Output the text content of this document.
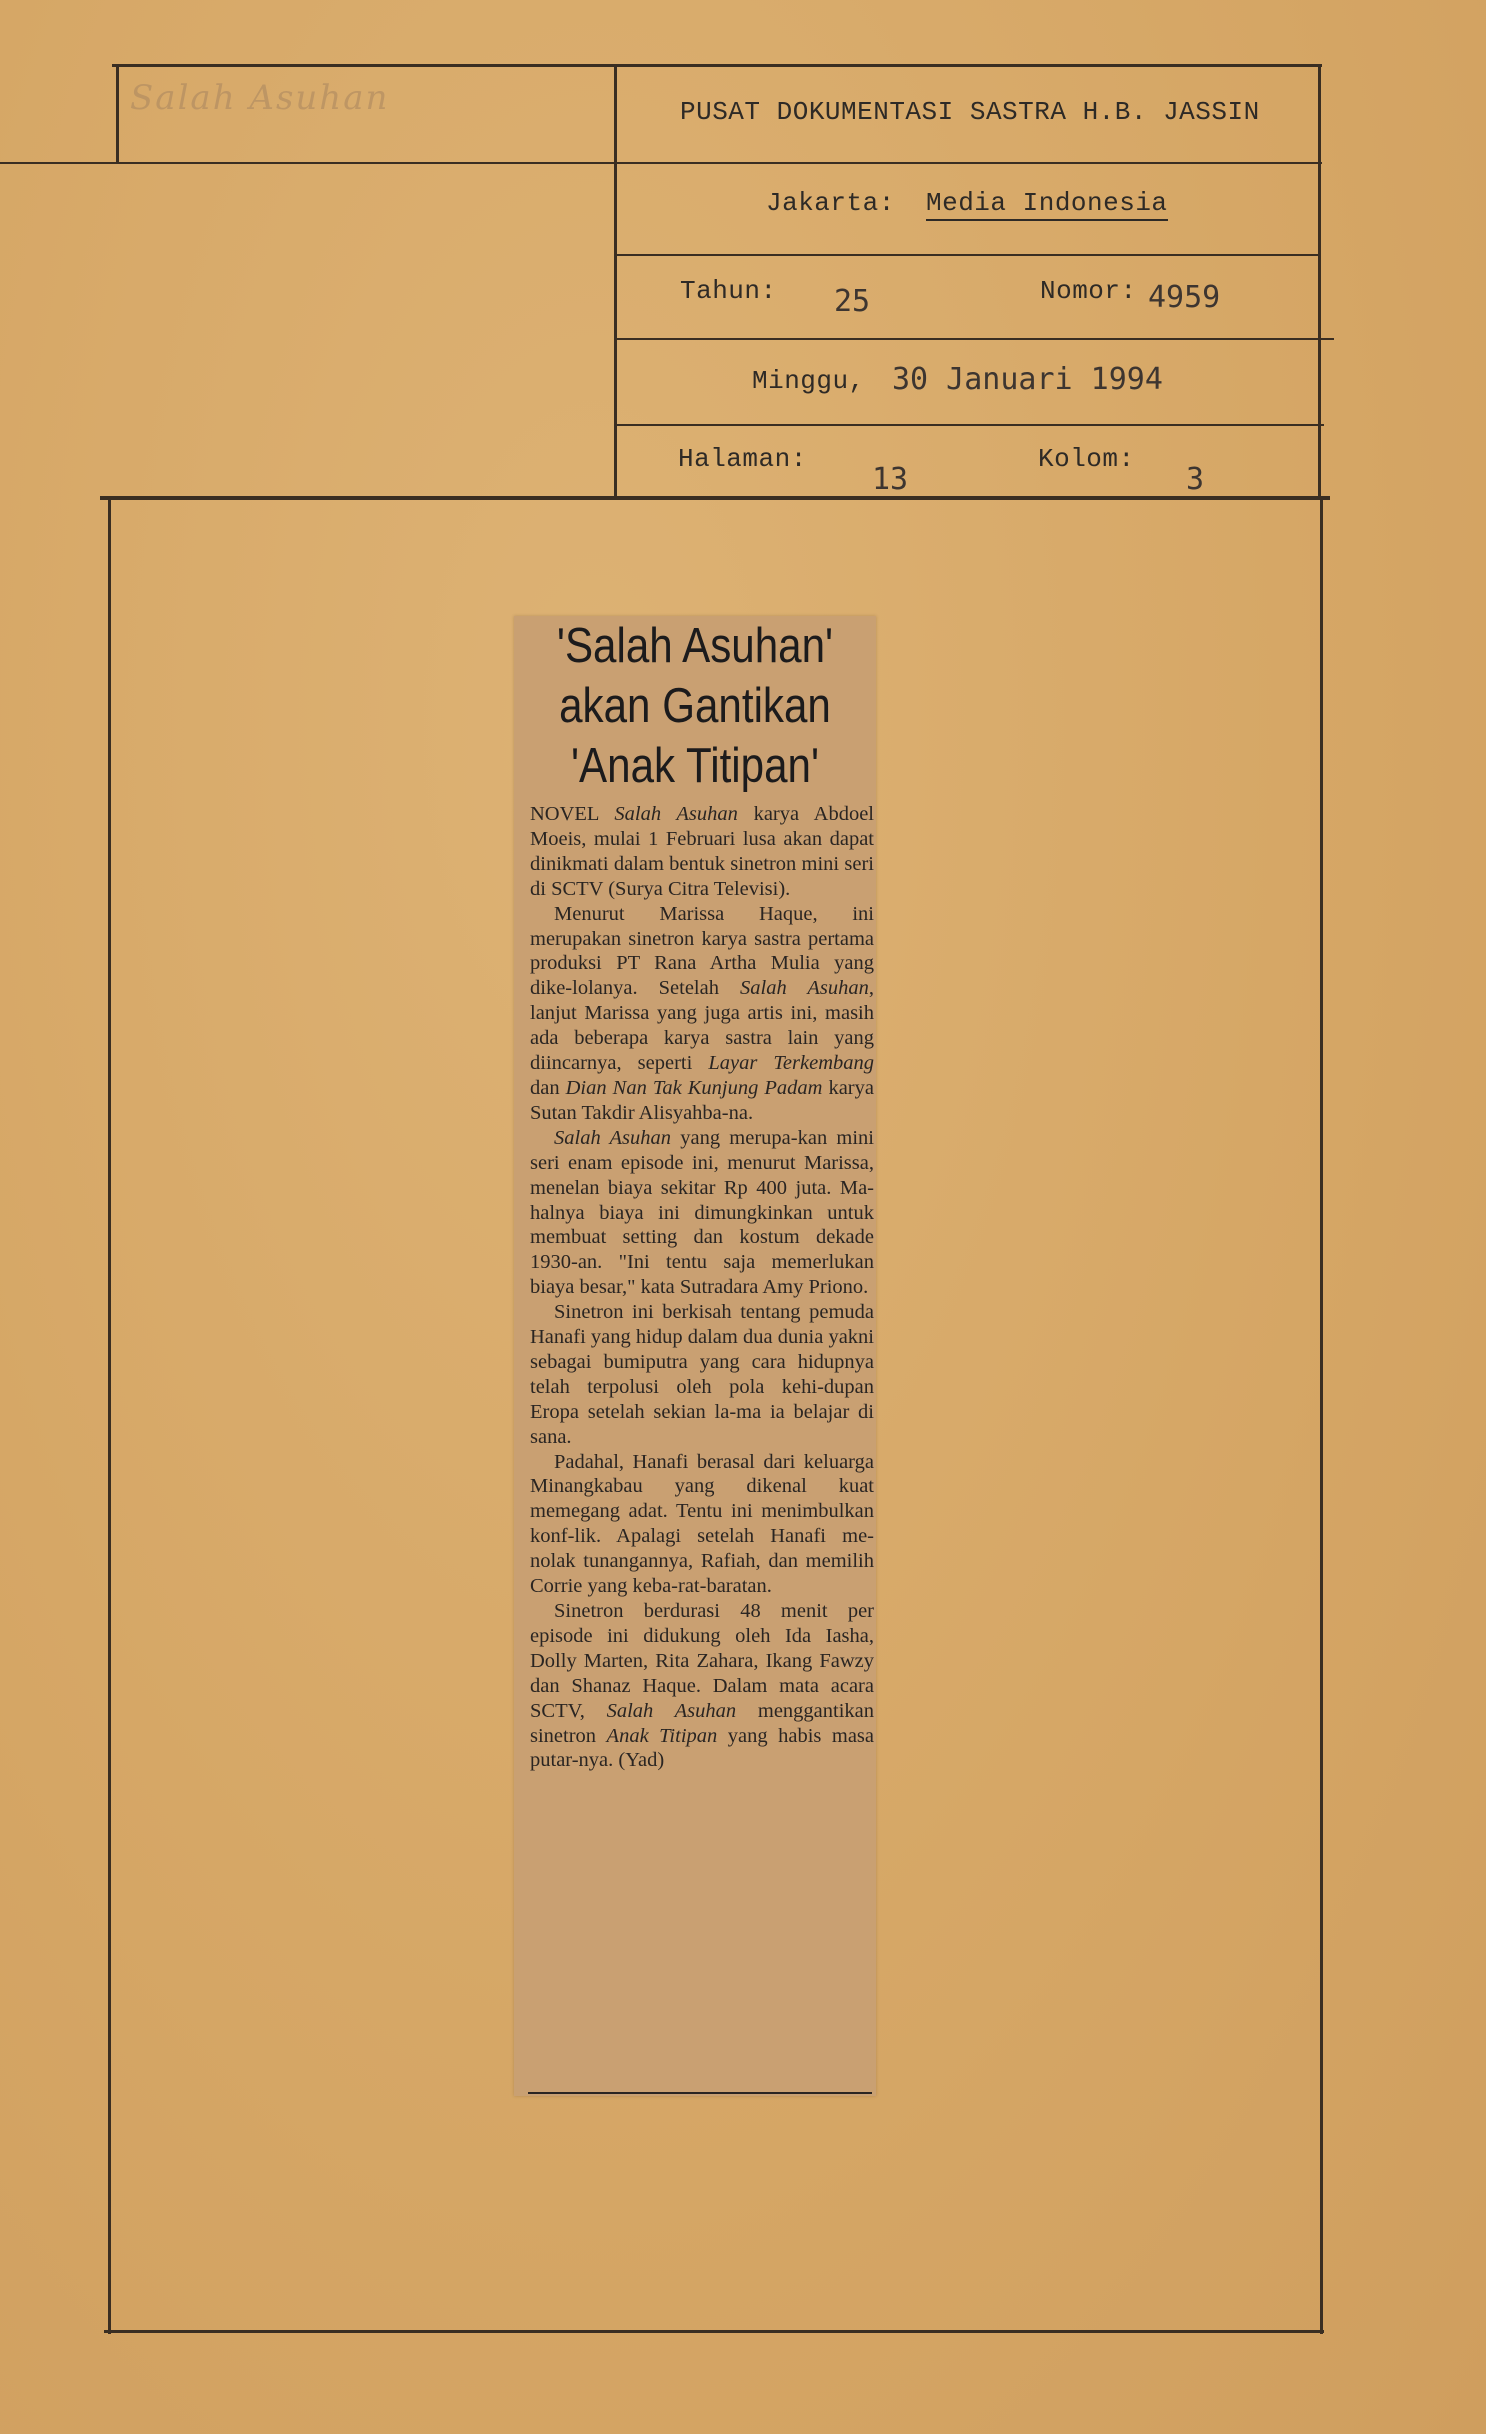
Salah Asuhan	PUSAT DOKUMENTASI SASTRA H.B. JASSIN
Jakarta: Media Indonesia
Tahun: 25	Nomor: 4959
Minggu, 30 Januari 1994
Halaman:
13
Kolom:
3
'Salah Asuhan'
akan Gantikan
'Anak Titipan'

NOVEL Salah Asuhan karya Abdoel Moeis, mulai 1 Februari lusa akan dapat dinikmati dalam bentuk sinetron mini seri di SCTV (Surya Citra Televisi).

Menurut Marissa Haque, ini merupakan sinetron karya sastra pertama produksi PT Rana Artha Mulia yang dike-lolanya. Setelah Salah Asuhan, lanjut Marissa yang juga artis ini, masih ada beberapa karya sastra lain yang diincarnya, seperti Layar Terkembang dan Dian Nan Tak Kunjung Padam karya Sutan Takdir Alisyahba-na.

Salah Asuhan yang merupa-kan mini seri enam episode ini, menurut Marissa, menelan biaya sekitar Rp 400 juta. Ma-halnya biaya ini dimungkinkan untuk membuat setting dan kostum dekade 1930-an. "Ini tentu saja memerlukan biaya besar," kata Sutradara Amy Priono.

Sinetron ini berkisah tentang pemuda Hanafi yang hidup dalam dua dunia yakni sebagai bumiputra yang cara hidupnya telah terpolusi oleh pola kehi-dupan Eropa setelah sekian la-ma ia belajar di sana.

Padahal, Hanafi berasal dari keluarga Minangkabau yang dikenal kuat memegang adat. Tentu ini menimbulkan konf-lik. Apalagi setelah Hanafi me-nolak tunangannya, Rafiah, dan memilih Corrie yang keba-rat-baratan.

Sinetron berdurasi 48 menit per episode ini didukung oleh Ida Iasha, Dolly Marten, Rita Zahara, Ikang Fawzy dan Shanaz Haque. Dalam mata acara SCTV, Salah Asuhan menggantikan sinetron Anak Titipan yang habis masa putar-nya. (Yad)
